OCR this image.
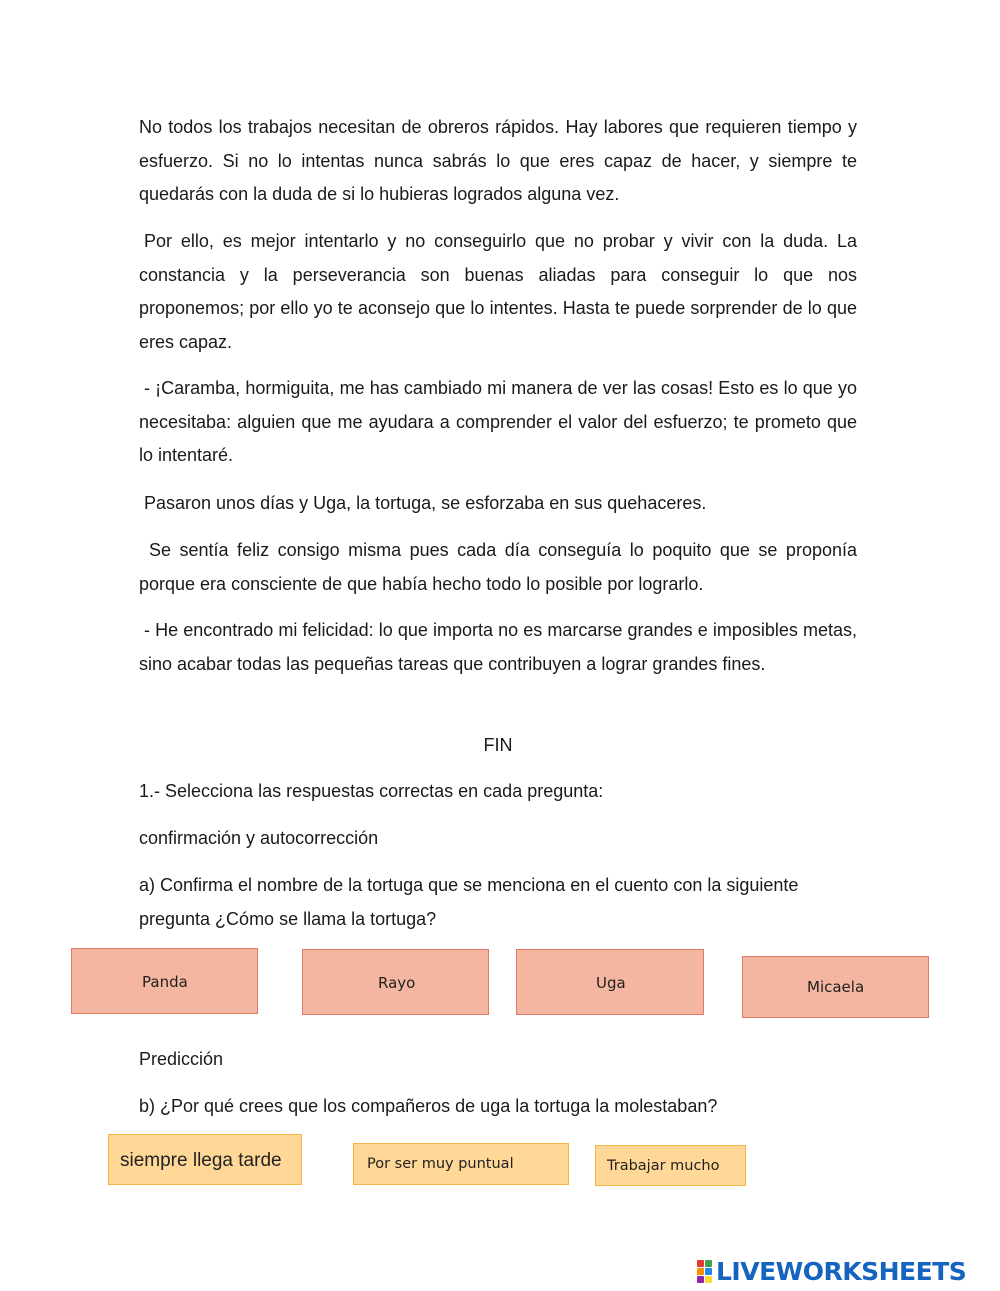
No todos los trabajos necesitan de obreros rápidos. Hay labores que requieren tiempo y esfuerzo. Si no lo intentas nunca sabrás lo que eres capaz de hacer, y siempre te quedarás con la duda de si lo hubieras logrados alguna vez.

Por ello, es mejor intentarlo y no conseguirlo que no probar y vivir con la duda. La constancia y la perseverancia son buenas aliadas para conseguir lo que nos proponemos; por ello yo te aconsejo que lo intentes. Hasta te puede sorprender de lo que eres capaz.

- ¡Caramba, hormiguita, me has cambiado mi manera de ver las cosas! Esto es lo que yo necesitaba: alguien que me ayudara a comprender el valor del esfuerzo; te prometo que lo intentaré.

Pasaron unos días y Uga, la tortuga, se esforzaba en sus quehaceres.

Se sentía feliz consigo misma pues cada día conseguía lo poquito que se proponía porque era consciente de que había hecho todo lo posible por lograrlo.

- He encontrado mi felicidad: lo que importa no es marcarse grandes e imposibles metas, sino acabar todas las pequeñas tareas que contribuyen a lograr grandes fines.

FIN

1.- Selecciona las respuestas correctas en cada pregunta:

confirmación y autocorrección

a) Confirma el nombre de la tortuga que se menciona en el cuento con la siguiente pregunta ¿Cómo se llama la tortuga?

Panda	Rayo	Uga	Micaela

Predicción

b) ¿Por qué crees que los compañeros de uga la tortuga la molestaban?

siempre llega tarde	Por ser muy puntual	Trabajar mucho
LIVEWORKSHEETS
